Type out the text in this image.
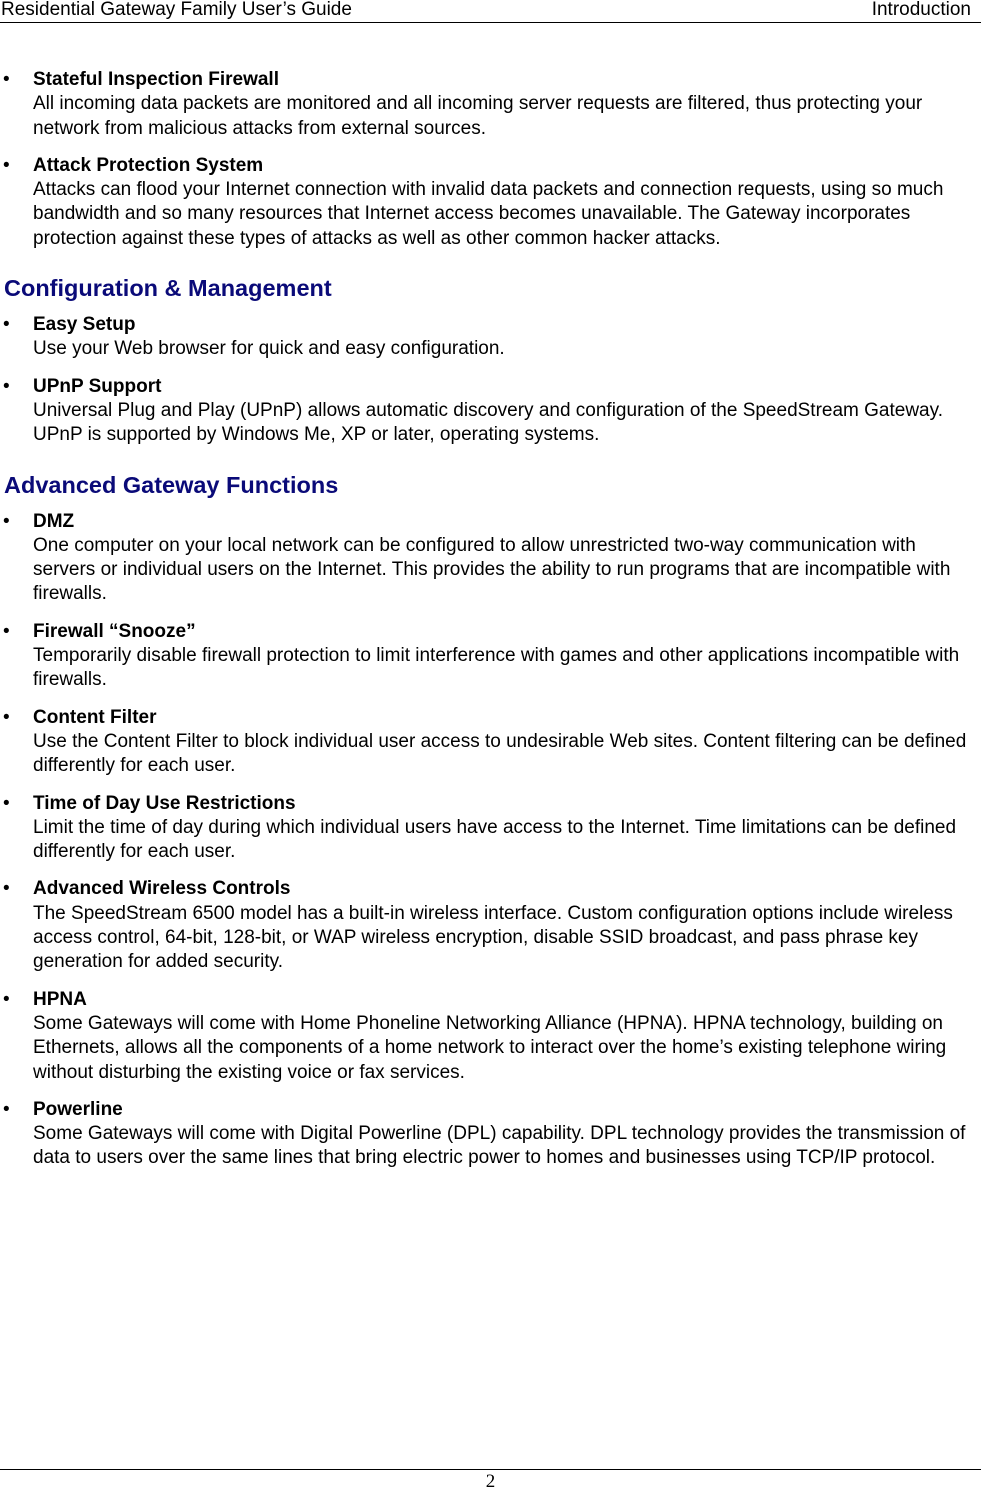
Residential Gateway Family User’s Guide	Introduction
• Stateful Inspection Firewall
All incoming data packets are monitored and all incoming server requests are filtered, thus protecting your network from malicious attacks from external sources.
• Attack Protection System
Attacks can flood your Internet connection with invalid data packets and connection requests, using so much bandwidth and so many resources that Internet access becomes unavailable. The Gateway incorporates protection against these types of attacks as well as other common hacker attacks.
Configuration & Management
• Easy Setup
Use your Web browser for quick and easy configuration.
• UPnP Support
Universal Plug and Play (UPnP) allows automatic discovery and configuration of the SpeedStream Gateway. UPnP is supported by Windows Me, XP or later, operating systems.
Advanced Gateway Functions
• DMZ
One computer on your local network can be configured to allow unrestricted two-way communication with servers or individual users on the Internet. This provides the ability to run programs that are incompatible with firewalls.
• Firewall “Snooze”
Temporarily disable firewall protection to limit interference with games and other applications incompatible with firewalls.
• Content Filter
Use the Content Filter to block individual user access to undesirable Web sites. Content filtering can be defined differently for each user.
• Time of Day Use Restrictions
Limit the time of day during which individual users have access to the Internet. Time limitations can be defined differently for each user.
• Advanced Wireless Controls
The SpeedStream 6500 model has a built-in wireless interface. Custom configuration options include wireless access control, 64-bit, 128-bit, or WAP wireless encryption, disable SSID broadcast, and pass phrase key generation for added security.
• HPNA
Some Gateways will come with Home Phoneline Networking Alliance (HPNA). HPNA technology, building on Ethernets, allows all the components of a home network to interact over the home’s existing telephone wiring without disturbing the existing voice or fax services.
• Powerline
Some Gateways will come with Digital Powerline (DPL) capability. DPL technology provides the transmission of data to users over the same lines that bring electric power to homes and businesses using TCP/IP protocol.
2
